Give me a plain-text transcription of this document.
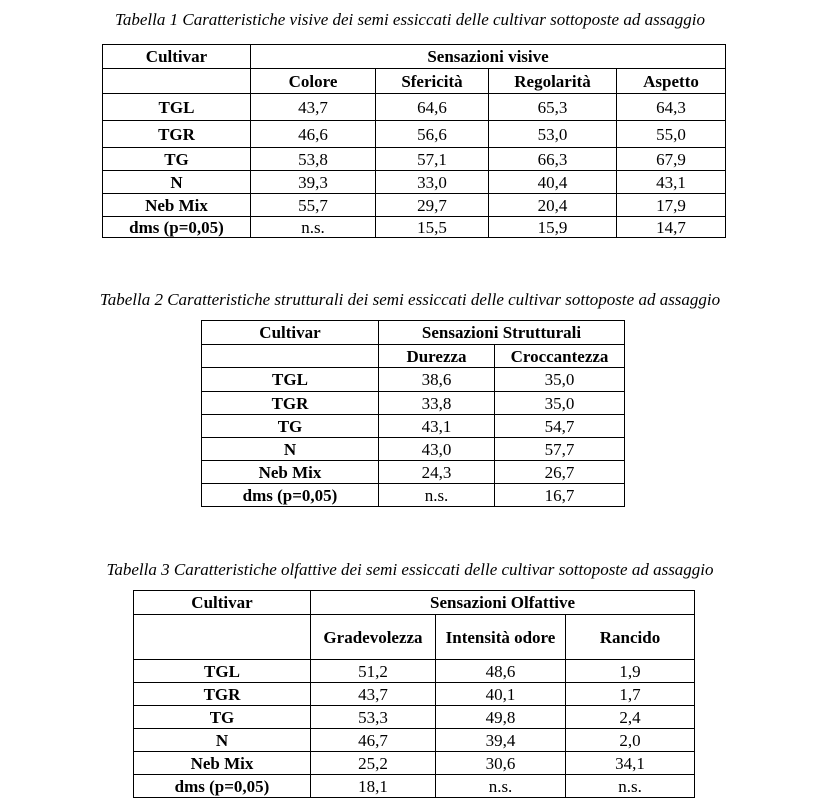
Tabella 1 Caratteristiche visive dei semi essiccati delle cultivar sottoposte ad assaggio
Cultivar	Sensazioni visive			
	Colore	Sfericità	Regolarità	Aspetto
TGL	43,7	64,6	65,3	64,3
TGR	46,6	56,6	53,0	55,0
TG	53,8	57,1	66,3	67,9
N	39,3	33,0	40,4	43,1
Neb Mix	55,7	29,7	20,4	17,9
dms (p=0,05)	n.s.	15,5	15,9	14,7
Tabella 2 Caratteristiche strutturali dei semi essiccati delle cultivar sottoposte ad assaggio
Cultivar	Sensazioni Strutturali	
	Durezza	Croccantezza
TGL	38,6	35,0
TGR	33,8	35,0
TG	43,1	54,7
N	43,0	57,7
Neb Mix	24,3	26,7
dms (p=0,05)	n.s.	16,7
Tabella 3 Caratteristiche olfattive dei semi essiccati delle cultivar sottoposte ad assaggio
Cultivar	Sensazioni Olfattive		
	Gradevolezza	Intensità odore	Rancido
TGL	51,2	48,6	1,9
TGR	43,7	40,1	1,7
TG	53,3	49,8	2,4
N	46,7	39,4	2,0
Neb Mix	25,2	30,6	34,1
dms (p=0,05)	18,1	n.s.	n.s.
